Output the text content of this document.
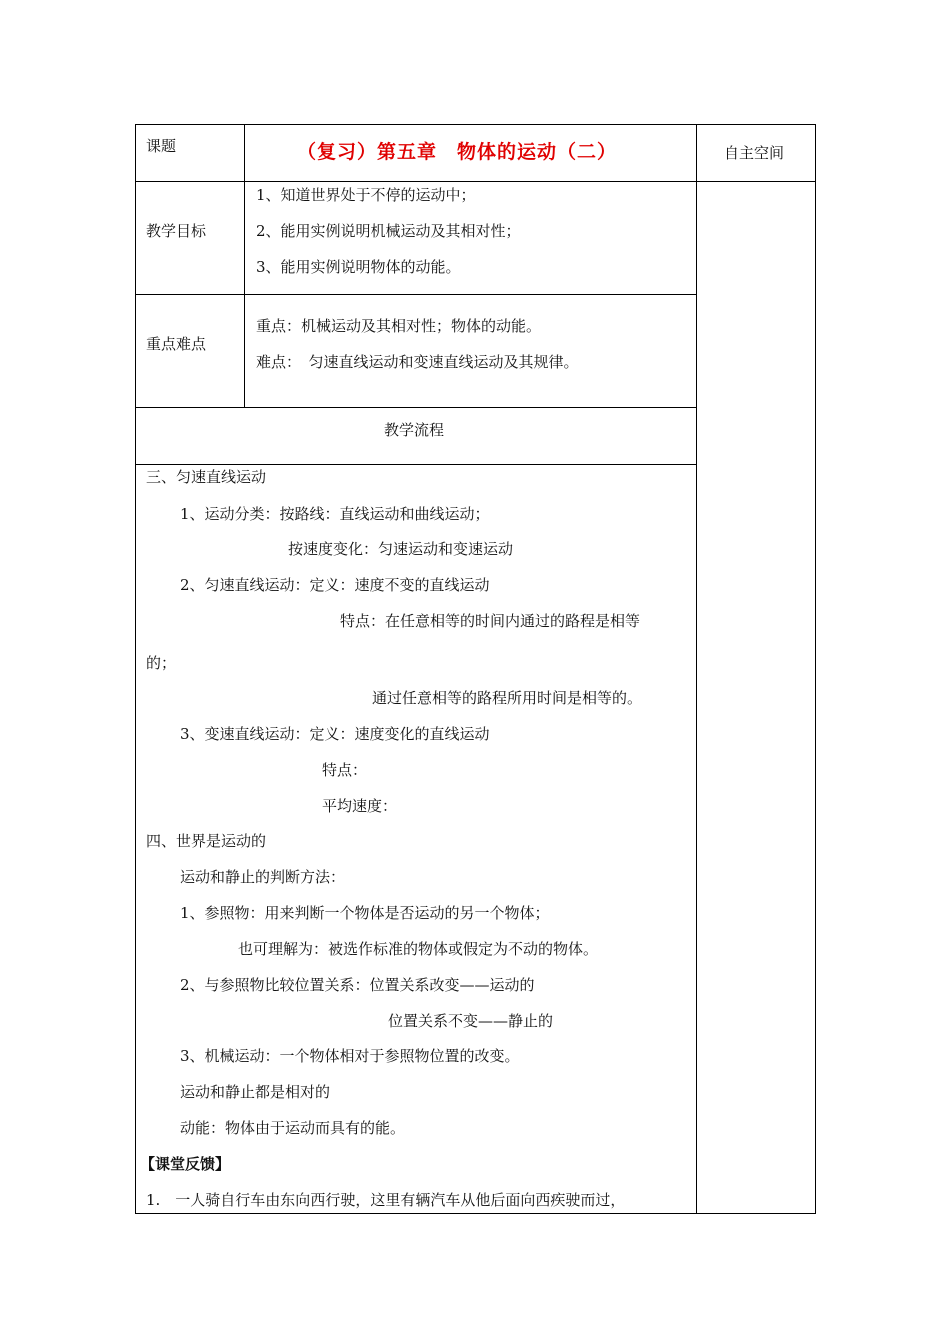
课题	（复习）第五章　物体的运动（二）	自主空间
教学目标
1、知道世界处于不停的运动中；
2、能用实例说明机械运动及其相对性；
3、能用实例说明物体的动能。
重点难点
重点：机械运动及其相对性；物体的动能。
难点：　匀速直线运动和变速直线运动及其规律。
教学流程
三、匀速直线运动
1、运动分类：按路线：直线运动和曲线运动；
按速度变化：匀速运动和变速运动
2、匀速直线运动：定义：速度不变的直线运动
特点：在任意相等的时间内通过的路程是相等
的；
通过任意相等的路程所用时间是相等的。
3、变速直线运动：定义：速度变化的直线运动
特点：
平均速度：
四、世界是运动的
运动和静止的判断方法：
1、参照物：用来判断一个物体是否运动的另一个物体；
也可理解为：被选作标准的物体或假定为不动的物体。
2、与参照物比较位置关系：位置关系改变——运动的
位置关系不变——静止的
3、机械运动：一个物体相对于参照物位置的改变。
运动和静止都是相对的
动能：物体由于运动而具有的能。
【课堂反馈】
1.　一人骑自行车由东向西行驶，这里有辆汽车从他后面向西疾驶而过，
